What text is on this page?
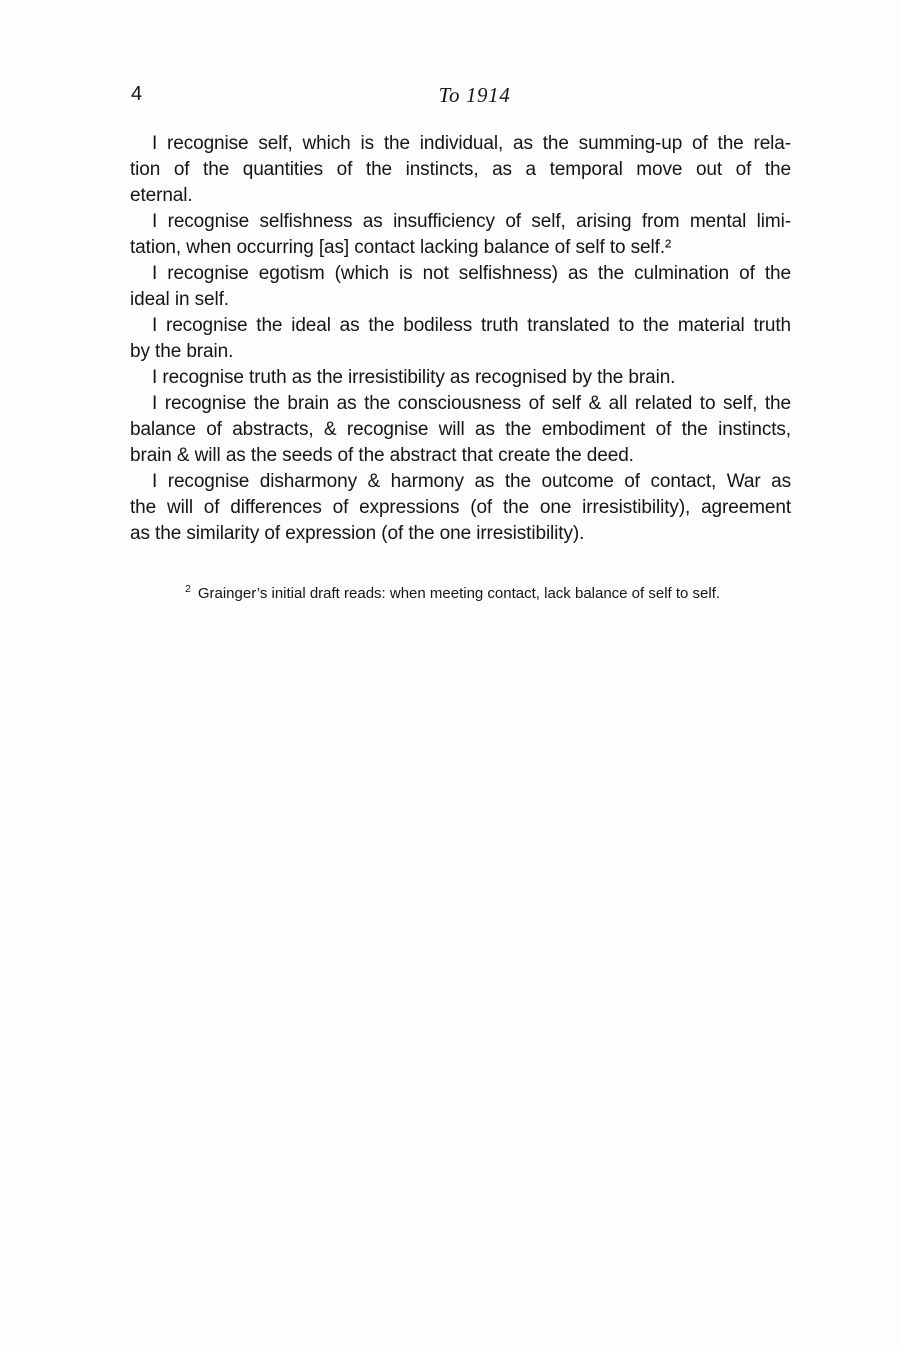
4	To 1914
I recognise self, which is the individual, as the summing-up of the rela-
tion of the quantities of the instincts, as a temporal move out of the
eternal.
I recognise selfishness as insufficiency of self, arising from mental limi-
tation, when occurring [as] contact lacking balance of self to self.²
I recognise egotism (which is not selfishness) as the culmination of the
ideal in self.
I recognise the ideal as the bodiless truth translated to the material truth
by the brain.
I recognise truth as the irresistibility as recognised by the brain.
I recognise the brain as the consciousness of self & all related to self, the
balance of abstracts, & recognise will as the embodiment of the instincts,
brain & will as the seeds of the abstract that create the deed.
I recognise disharmony & harmony as the outcome of contact, War as
the will of differences of expressions (of the one irresistibility), agreement
as the similarity of expression (of the one irresistibility).
2 Grainger’s initial draft reads: when meeting contact, lack balance of self to self.
